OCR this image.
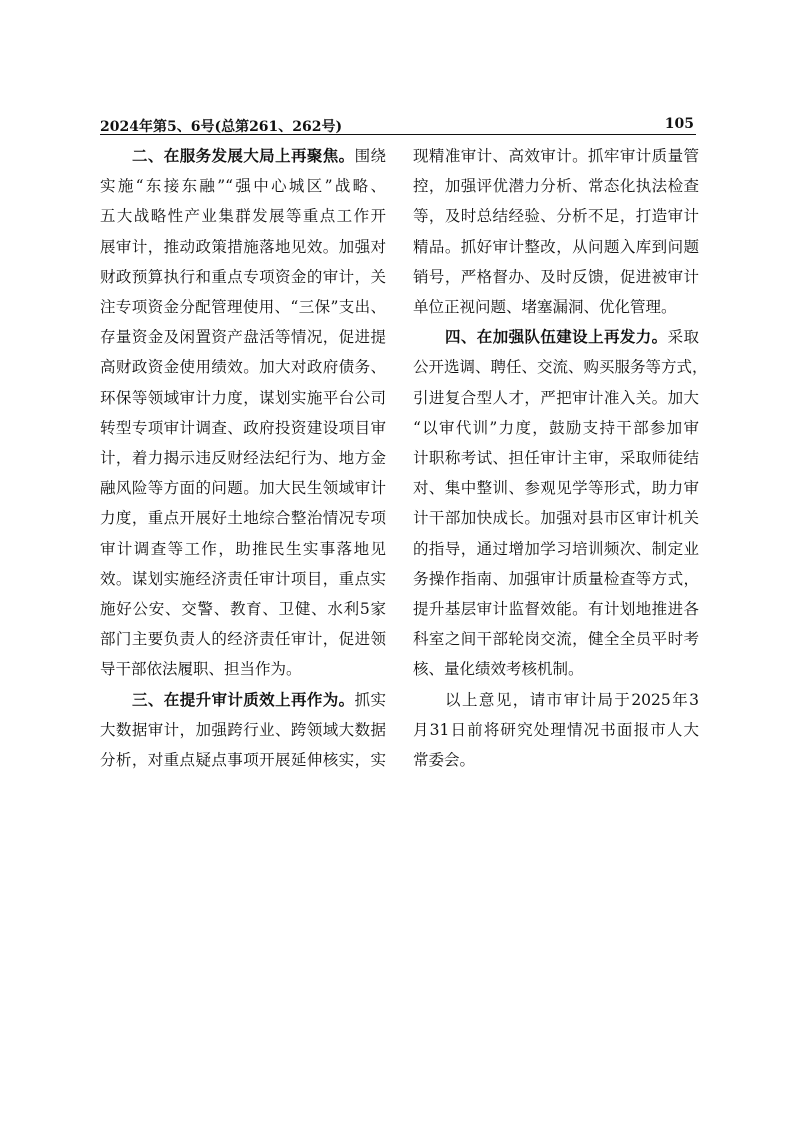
2024年第5、6号(总第261、262号)	105

二、在服务发展大局上再聚焦。围绕
实施“东接东融”“强中心城区”战略、
五大战略性产业集群发展等重点工作开
展审计，推动政策措施落地见效。加强对
财政预算执行和重点专项资金的审计，关
注专项资金分配管理使用、“三保”支出、
存量资金及闲置资产盘活等情况，促进提
高财政资金使用绩效。加大对政府债务、
环保等领域审计力度，谋划实施平台公司
转型专项审计调查、政府投资建设项目审
计，着力揭示违反财经法纪行为、地方金
融风险等方面的问题。加大民生领域审计
力度，重点开展好土地综合整治情况专项
审计调查等工作，助推民生实事落地见
效。谋划实施经济责任审计项目，重点实
施好公安、交警、教育、卫健、水利5家
部门主要负责人的经济责任审计，促进领
导干部依法履职、担当作为。

三、在提升审计质效上再作为。抓实
大数据审计，加强跨行业、跨领域大数据
分析，对重点疑点事项开展延伸核实，实

现精准审计、高效审计。抓牢审计质量管
控，加强评优潜力分析、常态化执法检查
等，及时总结经验、分析不足，打造审计
精品。抓好审计整改，从问题入库到问题
销号，严格督办、及时反馈，促进被审计
单位正视问题、堵塞漏洞、优化管理。

四、在加强队伍建设上再发力。采取
公开选调、聘任、交流、购买服务等方式，
引进复合型人才，严把审计准入关。加大
“以审代训”力度，鼓励支持干部参加审
计职称考试、担任审计主审，采取师徒结
对、集中整训、参观见学等形式，助力审
计干部加快成长。加强对县市区审计机关
的指导，通过增加学习培训频次、制定业
务操作指南、加强审计质量检查等方式，
提升基层审计监督效能。有计划地推进各
科室之间干部轮岗交流，健全全员平时考
核、量化绩效考核机制。

以上意见，请市审计局于2025年3
月31日前将研究处理情况书面报市人大
常委会。
